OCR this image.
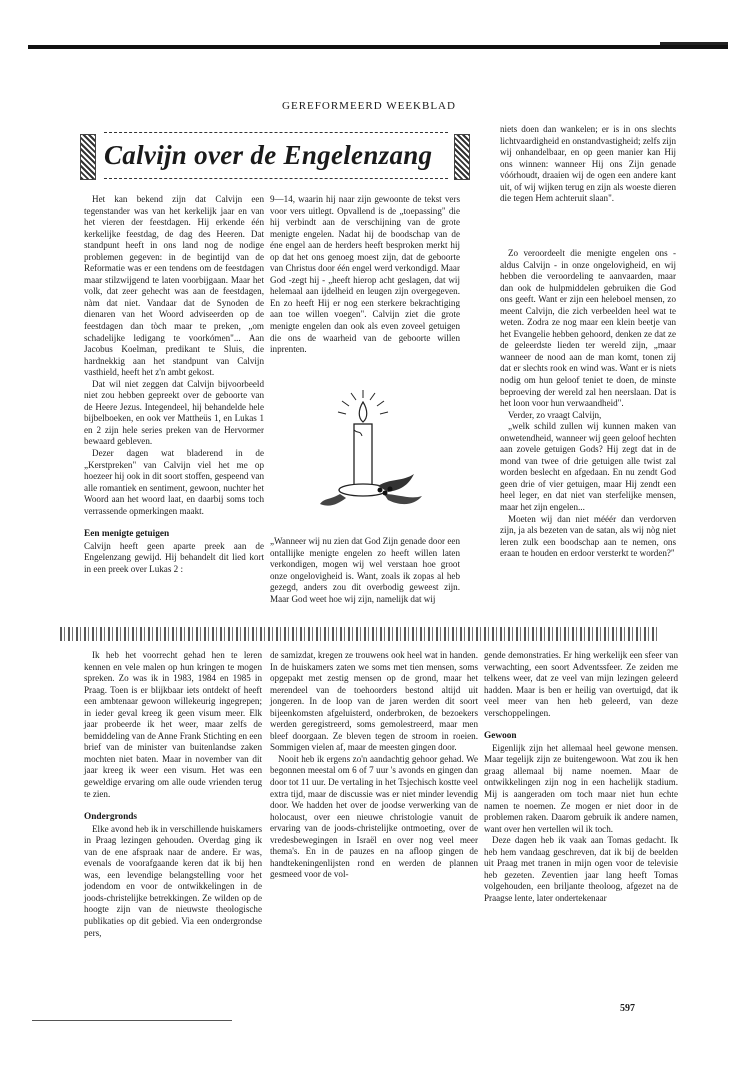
GEREFORMEERD WEEKBLAD
Calvijn over de Engelenzang

Het kan bekend zijn dat Calvijn een tegenstander was van het kerkelijk jaar en van het vieren der feestdagen. Hij erkende één kerkelijke feestdag, de dag des Heeren. Dat standpunt heeft in ons land nog de nodige problemen gegeven: in de begintijd van de Reformatie was er een tendens om de feestdagen maar stilzwijgend te laten voorbijgaan. Maar het volk, dat zeer gehecht was aan de feestdagen, nàm dat niet. Vandaar dat de Synoden de dienaren van het Woord adviseerden op de feestdagen dan tòch maar te preken, „om schadelijke ledigang te voorkómen"... Aan Jacobus Koelman, predikant te Sluis, die hardnekkig aan het standpunt van Calvijn vasthield, heeft het z'n ambt gekost.

Dat wil niet zeggen dat Calvijn bijvoorbeeld niet zou hebben gepreekt over de geboorte van de Heere Jezus. Integendeel, hij behandelde hele bijbelboeken, en ook ver Mattheüs 1, en Lukas 1 en 2 zijn hele series preken van de Hervormer bewaard gebleven.

Dezer dagen wat bladerend in de „Kerstpreken" van Calvijn viel het me op hoezeer hij ook in dit soort stoffen, gespeend van alle romantiek en sentiment, gewoon, nuchter het Woord aan het woord laat, en daarbij soms toch verrassende opmerkingen maakt.

Een menigte getuigen

Calvijn heeft geen aparte preek aan de Engelenzang gewijd. Hij behandelt dit lied kort in een preek over Lukas 2 :

9—14, waarin hij naar zijn gewoonte de tekst vers voor vers uitlegt. Opvallend is de „toepassing" die hij verbindt aan de verschijning van de grote menigte engelen. Nadat hij de boodschap van de éne engel aan de herders heeft besproken merkt hij op dat het ons genoeg moest zijn, dat de geboorte van Christus door één engel werd verkondigd. Maar God -zegt hij - „heeft hierop acht geslagen, dat wij helemaal aan ijdelheid en leugen zijn overgegeven. En zo heeft Hij er nog een sterkere bekrachtiging aan toe willen voegen". Calvijn ziet die grote menigte engelen dan ook als even zoveel getuigen die ons de waarheid van de geboorte willen inprenten.

„Wanneer wij nu zien dat God Zijn genade door een ontallijke menigte engelen zo heeft willen laten verkondigen, mogen wij wel verstaan hoe groot onze ongelovigheid is. Want, zoals ik zopas al heb gezegd, anders zou dit overbodig geweest zijn. Maar God weet hoe wij zijn, namelijk dat wij

niets doen dan wankelen; er is in ons slechts lichtvaardigheid en onstandvastigheid; zelfs zijn wij onhandelbaar, en op geen manier kan Hij ons winnen: wanneer Hij ons Zijn genade vóórhoudt, draaien wij de ogen een andere kant uit, of wij wijken terug en zijn als woeste dieren die tegen Hem achteruit slaan".

Zo veroordeelt die menigte engelen ons - aldus Calvijn - in onze ongelovigheid, en wij hebben die veroordeling te aanvaarden, maar dan ook de hulpmiddelen gebruiken die God ons geeft. Want er zijn een heleboel mensen, zo meent Calvijn, die zich verbeelden heel wat te weten. Zodra ze nog maar een klein beetje van het Evangelie hebben gehoord, denken ze dat ze de geleerdste lieden ter wereld zijn, „maar wanneer de nood aan de man komt, tonen zij dat er slechts rook en wind was. Want er is niets nodig om hun geloof teniet te doen, de minste beproeving der wereld zal hen neerslaan. Dat is het loon voor hun verwaandheid".

Verder, zo vraagt Calvijn,

„welk schild zullen wij kunnen maken van onwetendheid, wanneer wij geen geloof hechten aan zovele getuigen Gods? Hij zegt dat in de mond van twee of drie getuigen alle twist zal worden beslecht en afgedaan. En nu zendt God geen drie of vier getuigen, maar Hij zendt een heel leger, en dat niet van sterfelijke mensen, maar het zijn engelen...

Moeten wij dan niet mééér dan verdorven zijn, ja als bezeten van de satan, als wij nòg niet leren zulk een boodschap aan te nemen, ons eraan te houden en erdoor versterkt te worden?"

Ik heb het voorrecht gehad hen te leren kennen en vele malen op hun kringen te mogen spreken. Zo was ik in 1983, 1984 en 1985 in Praag. Toen is er blijkbaar iets ontdekt of heeft een ambtenaar gewoon willekeurig ingegrepen; in ieder geval kreeg ik geen visum meer. Elk jaar probeerde ik het weer, maar zelfs de bemiddeling van de Anne Frank Stichting en een brief van de minister van buitenlandse zaken mochten niet baten. Maar in november van dit jaar kreeg ik weer een visum. Het was een geweldige ervaring om alle oude vrienden terug te zien.

Ondergronds

Elke avond heb ik in verschillende huiskamers in Praag lezingen gehouden. Overdag ging ik van de ene afspraak naar de andere. Er was, evenals de voorafgaande keren dat ik bij hen was, een levendige belangstelling voor het jodendom en voor de ontwikkelingen in de joods-christelijke betrekkingen. Ze wilden op de hoogte zijn van de nieuwste theologische publikaties op dit gebied. Via een ondergrondse pers,

de samizdat, kregen ze trouwens ook heel wat in handen. In de huiskamers zaten we soms met tien mensen, soms opgepakt met zestig mensen op de grond, maar het merendeel van de toehoorders bestond altijd uit jongeren. In de loop van de jaren werden dit soort bijeenkomsten afgeluisterd, onderbroken, de bezoekers werden geregistreerd, soms gemolestreerd, maar men bleef doorgaan. Ze bleven tegen de stroom in roeien. Sommigen vielen af, maar de meesten gingen door.

Nooit heb ik ergens zo'n aandachtig gehoor gehad. We begonnen meestal om 6 of 7 uur 's avonds en gingen dan door tot 11 uur. De vertaling in het Tsjechisch kostte veel extra tijd, maar de discussie was er niet minder levendig door. We hadden het over de joodse verwerking van de holocaust, over een nieuwe christologie vanuit de ervaring van de joods-christelijke ontmoeting, over de vredesbewegingen in Israël en over nog veel meer thema's. En in de pauzes en na afloop gingen de handtekeningenlijsten rond en werden de plannen gesmeed voor de vol-

gende demonstraties. Er hing werkelijk een sfeer van verwachting, een soort Adventssfeer. Ze zeiden me telkens weer, dat ze veel van mijn lezingen geleerd hadden. Maar is ben er heilig van overtuigd, dat ik veel meer van hen heb geleerd, van deze verschoppelingen.

Gewoon

Eigenlijk zijn het allemaal heel gewone mensen. Maar tegelijk zijn ze buitengewoon. Wat zou ik hen graag allemaal bij name noemen. Maar de ontwikkelingen zijn nog in een hachelijk stadium. Mij is aangeraden om toch maar niet hun echte namen te noemen. Ze mogen er niet door in de problemen raken. Daarom gebruik ik andere namen, want over hen vertellen wil ik toch.

Deze dagen heb ik vaak aan Tomas gedacht. Ik heb hem vandaag geschreven, dat ik bij de beelden uit Praag met tranen in mijn ogen voor de televisie heb gezeten. Zeventien jaar lang heeft Tomas volgehouden, een briljante theoloog, afgezet na de Praagse lente, later ondertekenaar

597
